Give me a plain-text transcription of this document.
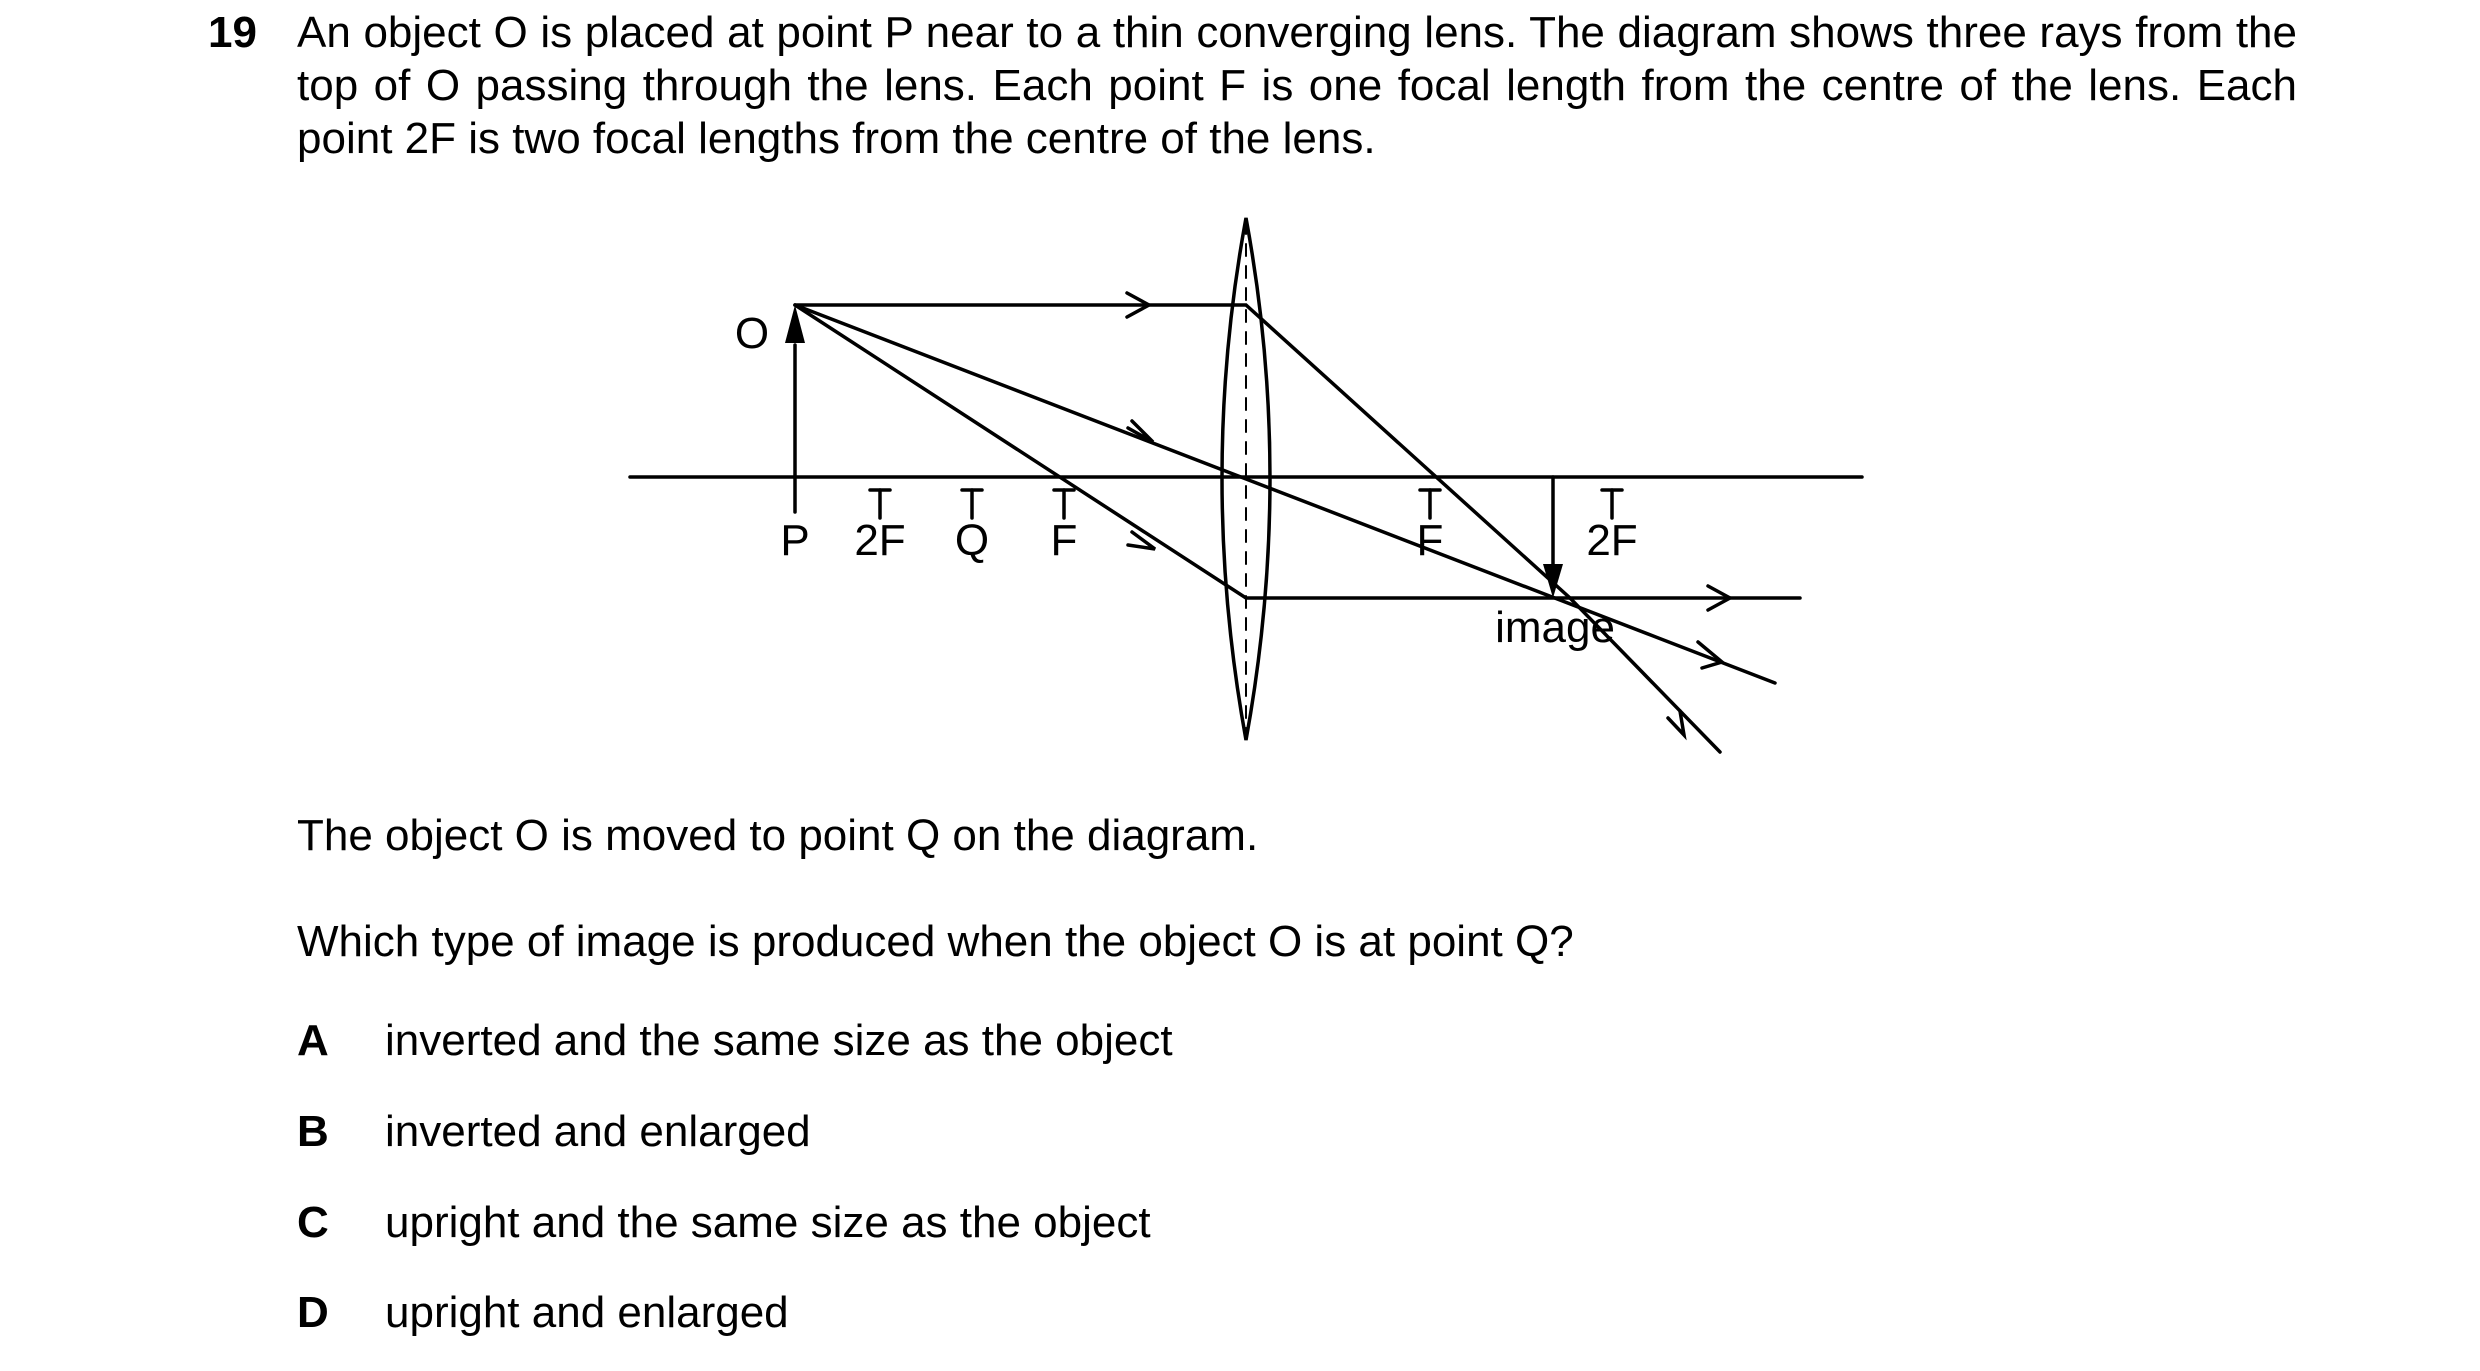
19 An object O is placed at point P near to a thin converging lens. The diagram shows three rays from the top of O passing through the lens. Each point F is one focal length from the centre of the lens. Each point 2F is two focal lengths from the centre of the lens.
O
P 2F Q F	F	2F
image
The object O is moved to point Q on the diagram.
Which type of image is produced when the object O is at point Q?
A inverted and the same size as the object
B inverted and enlarged
C upright and the same size as the object
D upright and enlarged
